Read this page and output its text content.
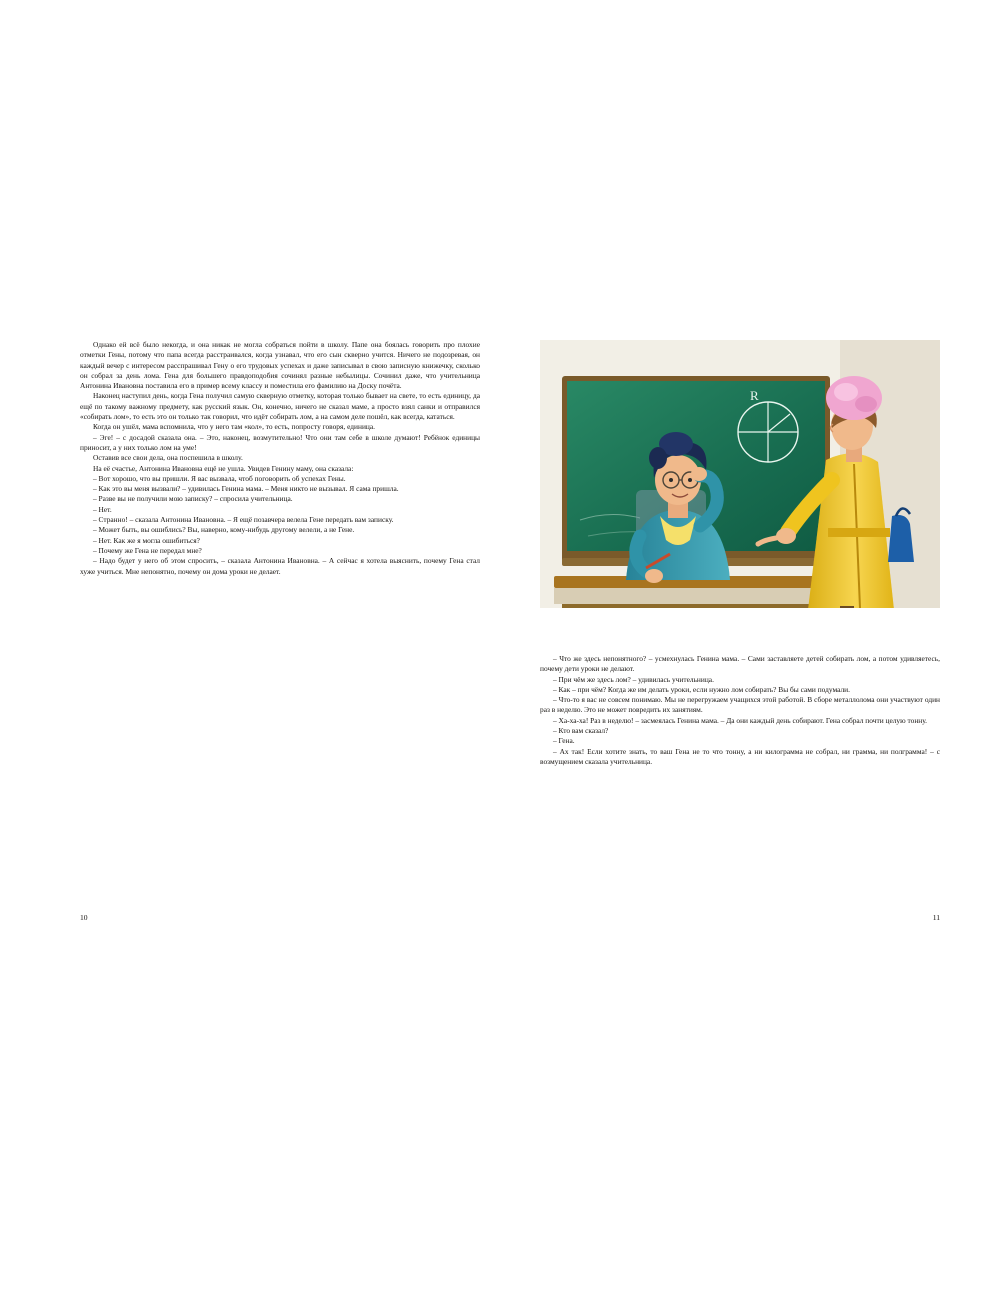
Однако ей всё было некогда, и она никак не могла собраться пойти в школу. Папе она боялась говорить про плохие отметки Гены, потому что папа всегда расстраивался, когда узнавал, что его сын скверно учится. Ничего не подозревая, он каждый вечер с интересом расспрашивал Гену о его трудовых успехах и даже записывал в свою записную книжечку, сколько он собрал за день лома. Гена для большего правдоподобия сочинял разные небылицы. Сочинил даже, что учительница Антонина Ивановна поставила его в пример всему классу и поместила его фамилию на Доску почёта.

Наконец наступил день, когда Гена получил самую скверную отметку, которая только бывает на свете, то есть единицу, да ещё по такому важному предмету, как русский язык. Он, конечно, ничего не сказал маме, а просто взял санки и отправился «собирать лом», то есть это он только так говорил, что идёт собирать лом, а на самом деле пошёл, как всегда, кататься.

Когда он ушёл, мама вспомнила, что у него там «кол», то есть, попросту говоря, единица.

– Эге! – с досадой сказала она. – Это, наконец, возмутительно! Что они там себе в школе думают! Ребёнок единицы приносит, а у них только лом на уме!

Оставив все свои дела, она поспешила в школу.

На её счастье, Антонина Ивановна ещё не ушла. Увидев Генину маму, она сказала:

– Вот хорошо, что вы пришли. Я вас вызвала, чтоб поговорить об успехах Гены.

– Как это вы меня вызвали? – удивилась Генина мама. – Меня никто не вызывал. Я сама пришла.

– Разве вы не получили мою записку? – спросила учительница.

– Нет.

– Странно! – сказала Антонина Ивановна. – Я ещё позавчера велела Гене передать вам записку.

– Может быть, вы ошиблись? Вы, наверно, кому-нибудь другому велели, а не Гене.

– Нет. Как же я могла ошибиться?

– Почему же Гена не передал мне?

– Надо будет у него об этом спросить, – сказала Антонина Ивановна. – А сейчас я хотела выяснить, почему Гена стал хуже учиться. Мне непонятно, почему он дома уроки не делает.

10
R

– Что же здесь непонятного? – усмехнулась Генина мама. – Сами заставляете детей собирать лом, а потом удивляетесь, почему дети уроки не делают.

– При чём же здесь лом? – удивилась учительница.

– Как – при чём? Когда же им делать уроки, если нужно лом собирать? Вы бы сами подумали.

– Что-то я вас не совсем понимаю. Мы не перегружаем учащихся этой работой. В сборе металлолома они участвуют один раз в неделю. Это не может повредить их занятиям.

– Ха-ха-ха! Раз в неделю! – засмеялась Генина мама. – Да они каждый день собирают. Гена собрал почти целую тонну.

– Кто вам сказал?

– Гена.

– Ах так! Если хотите знать, то ваш Гена не то что тонну, а ни килограмма не собрал, ни грамма, ни полграмма! – с возмущением сказала учительница.

11
